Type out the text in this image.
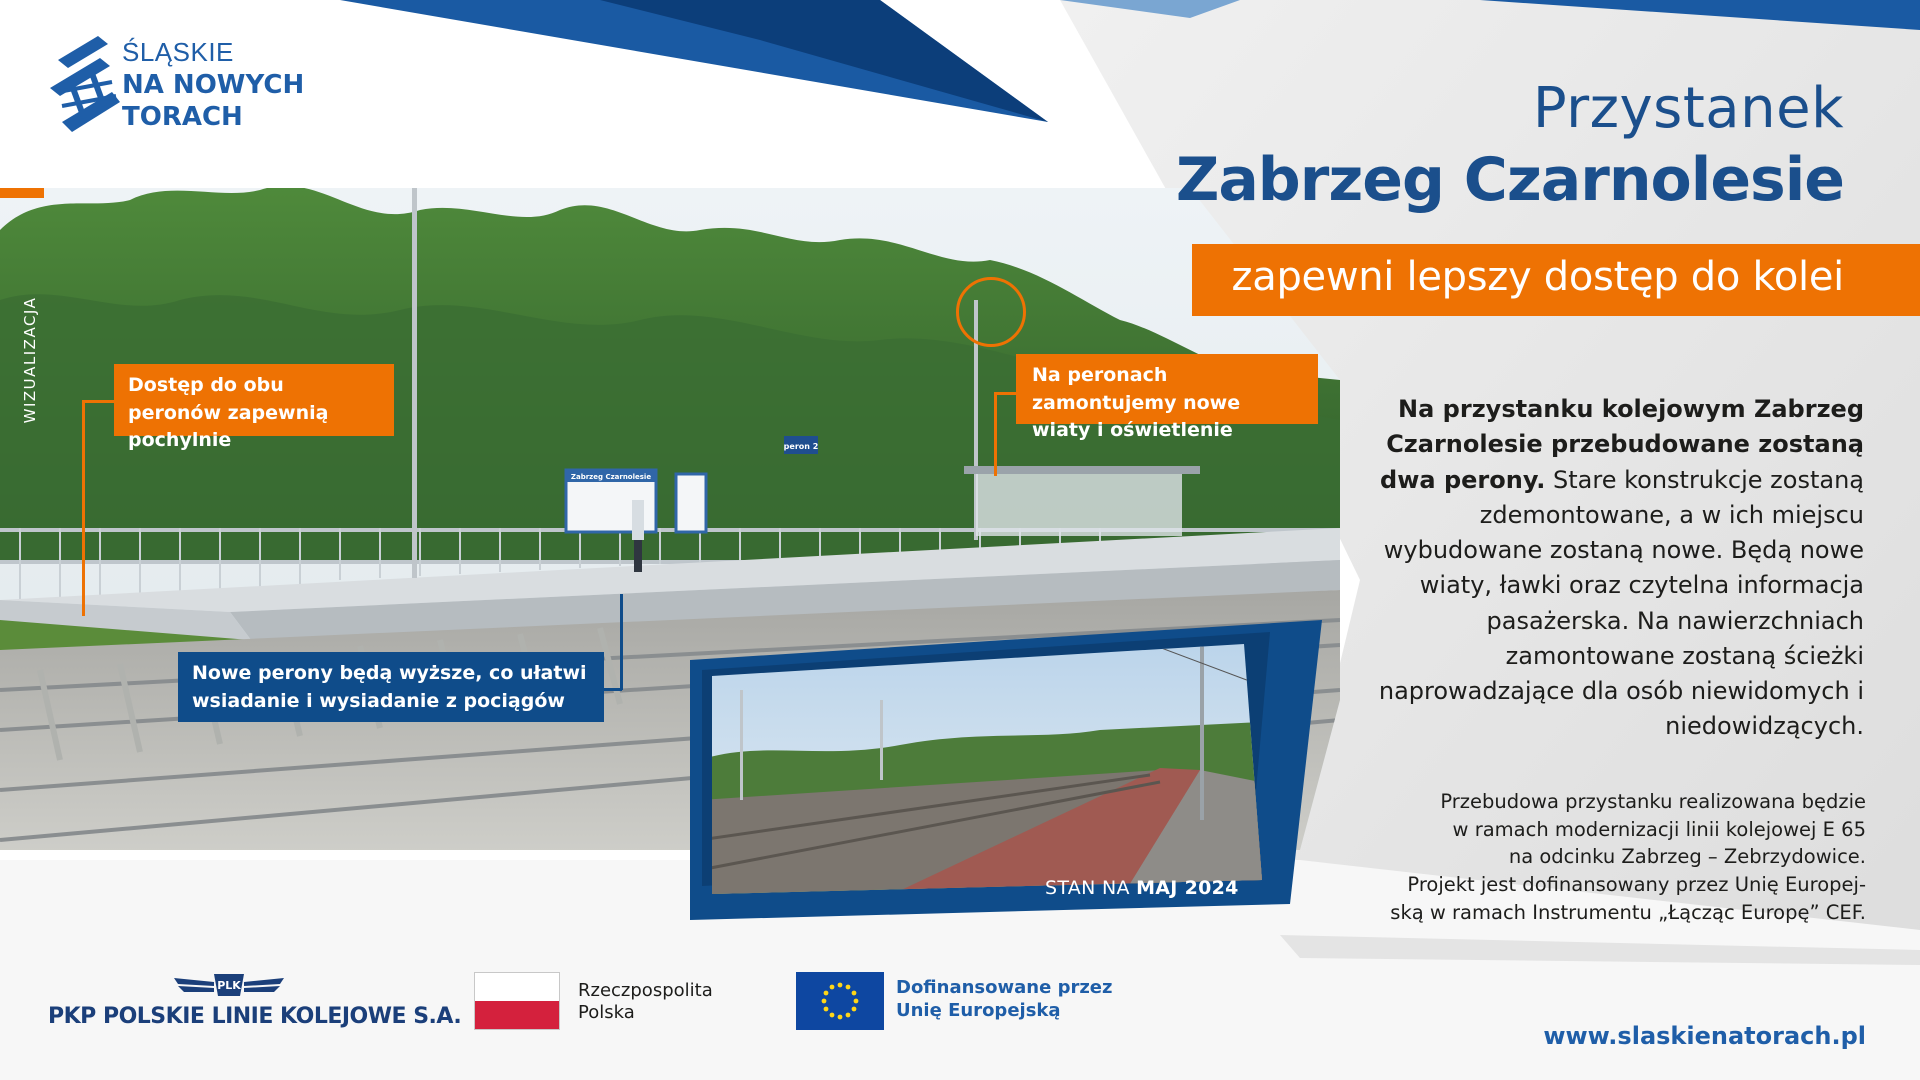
Zabrzeg Czarnolesie
peron 2
ŚLĄSKIE
NA NOWYCH
TORACH
WIZUALIZACJA
Przystanek
Zabrzeg Czarnolesie
zapewni lepszy dostęp do kolei
Dostęp do obu peronów zapewnią pochylnie
Na peronach zamontujemy nowe wiaty i oświetlenie
Nowe perony będą wyższe, co ułatwi wsiadanie i wysiadanie z pociągów
STAN NA MAJ 2024
Na przystanku kolejowym Zabrzeg Czarnolesie przebudowane zostaną dwa perony. Stare konstrukcje zostaną zdemontowane, a w ich miejscu wybudowane zostaną nowe. Będą nowe wiaty, ławki oraz czytelna informacja pasażerska. Na nawierzchniach zamontowane zostaną ścieżki naprowadzające dla osób niewidomych i niedowidzących.
Przebudowa przystanku realizowana będzie
w ramach modernizacji linii kolejowej E 65
na odcinku Zabrzeg – Zebrzydowice.
Projekt jest dofinansowany przez Unię Europej-
ską w ramach Instrumentu „Łącząc Europę” CEF.
PLK
PKP POLSKIE LINIE KOLEJOWE S.A.
Rzeczpospolita
Polska
Dofinansowane przez
Unię Europejską
www.slaskienatorach.pl
